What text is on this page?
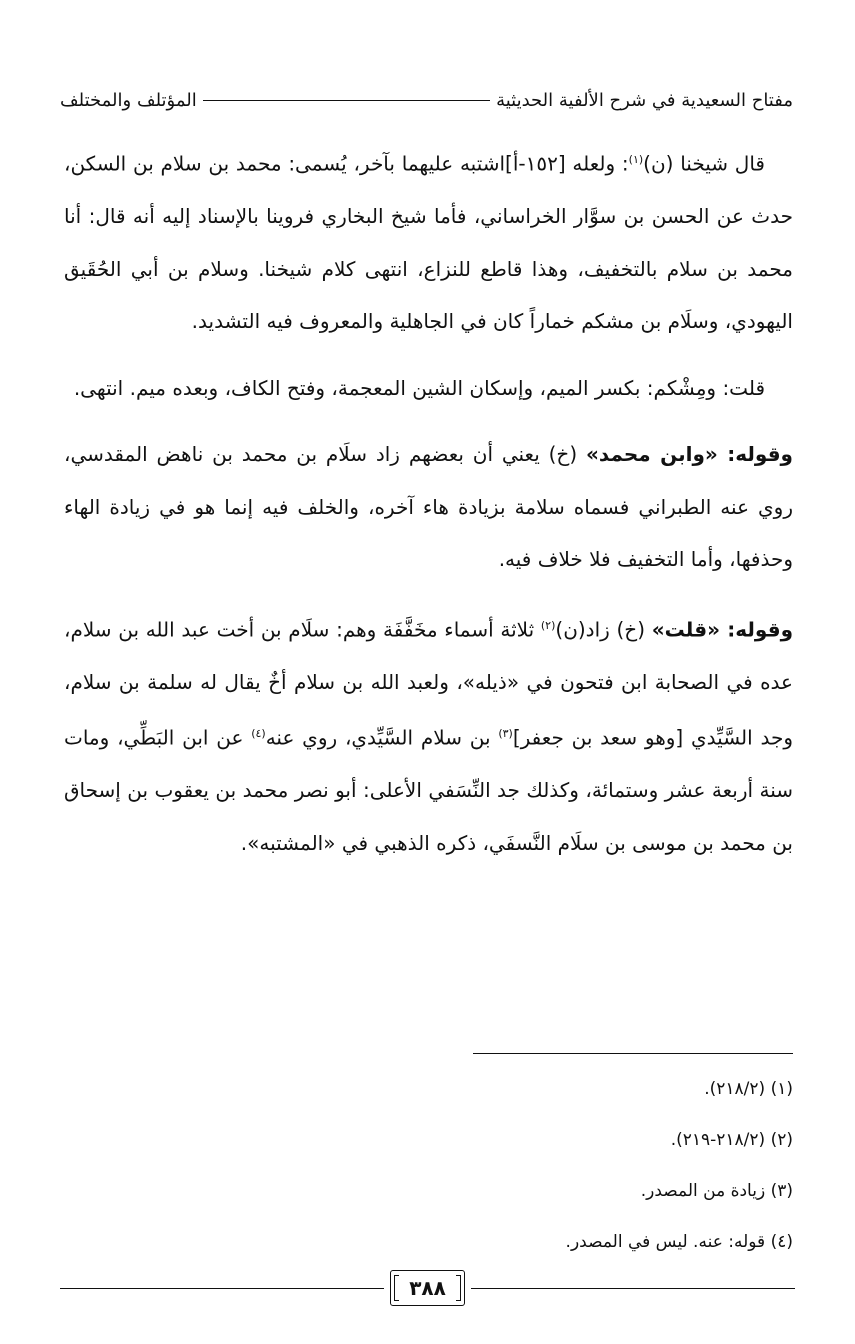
مفتاح السعيدية في شرح الألفية الحديثية
المؤتلف والمختلف

قال شيخنا (ن)$^{(١)}$: ولعله [١٥٢-أ]اشتبه عليهما بآخر، يُسمى: محمد بن سلام بن السكن، حدث عن الحسن بن سوَّار الخراساني، فأما شيخ البخاري فروينا بالإسناد إليه أنه قال: أنا محمد بن سلام بالتخفيف، وهذا قاطع للنزاع، انتهى كلام شيخنا. وسلام بن أبي الحُقَيق اليهودي، وسلَام بن مشكم خماراً كان في الجاهلية والمعروف فيه التشديد.

قلت: ومِشْكم: بكسر الميم، وإسكان الشين المعجمة، وفتح الكاف، وبعده ميم. انتهى.

وقوله: «وابن محمد» (خ) يعني أن بعضهم زاد سلَام بن محمد بن ناهض المقدسي، روي عنه الطبراني فسماه سلامة بزيادة هاء آخره، والخلف فيه إنما هو في زيادة الهاء وحذفها، وأما التخفيف فلا خلاف فيه.

وقوله: «قلت» (خ) زاد(ن)$^{(٢)}$ ثلاثة أسماء مخَفَّفَة وهم: سلَام بن أخت عبد الله بن سلام، عده في الصحابة ابن فتحون في «ذيله»، ولعبد الله بن سلام أخٌ يقال له سلمة بن سلام، وجد السَّيِّدي [وهو سعد بن جعفر]$^{(٣)}$ بن سلام السَّيِّدي، روي عنه$^{(٤)}$ عن ابن البَطِّي، ومات سنة أربعة عشر وستمائة، وكذلك جد النِّسَفي الأعلى: أبو نصر محمد بن يعقوب بن إسحاق بن محمد بن موسى بن سلَام النَّسفَي، ذكره الذهبي في «المشتبه».

(١) (٢١٨/٢).
(٢) (٢١٨/٢-٢١٩).
(٣) زيادة من المصدر.
(٤) قوله: عنه. ليس في المصدر.
٣٨٨
